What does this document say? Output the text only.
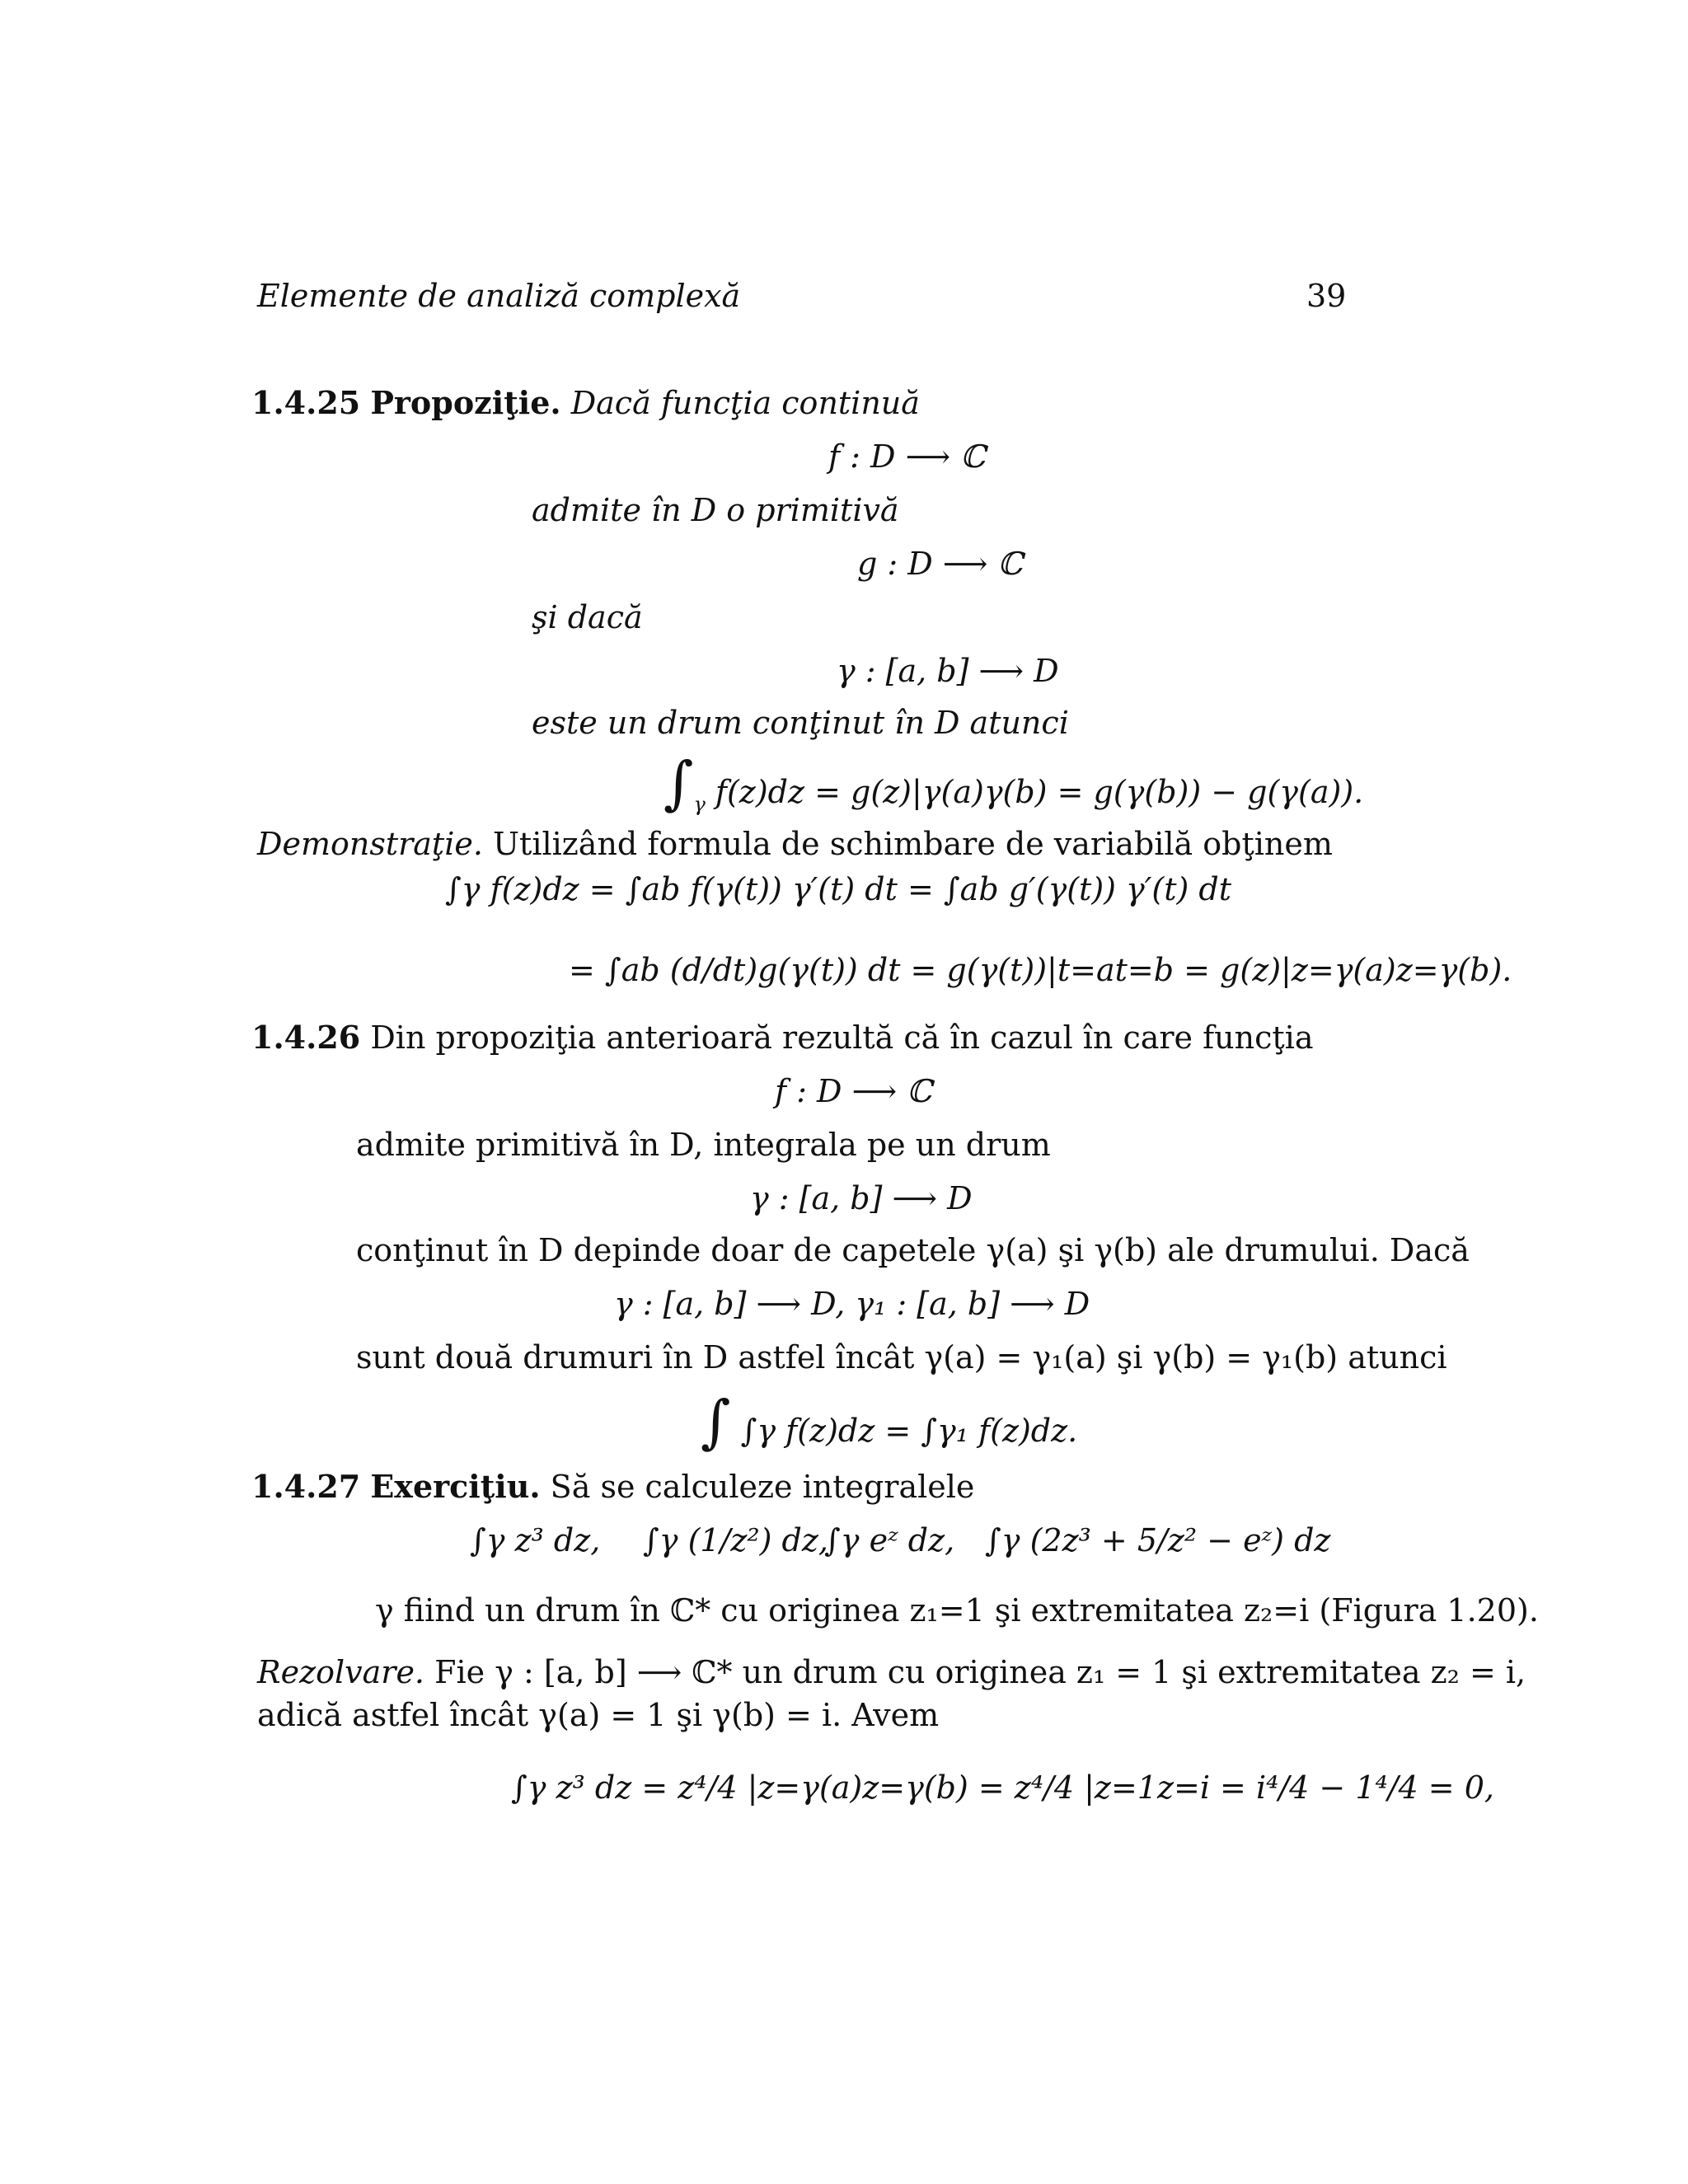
Elemente de analiză complexă	39
1.4.25 Propoziţie. Dacă funcţia continuă
f : D ⟶ ℂ
admite în D o primitivă
g : D ⟶ ℂ
şi dacă
γ : [a, b] ⟶ D
este un drum conţinut în D atunci
$\int_\gamma$ f(z)dz = g(z)|γ(a)γ(b) = g(γ(b)) − g(γ(a)).
Demonstraţie. Utilizând formula de schimbare de variabilă obţinem
∫γ f(z)dz = ∫ab f(γ(t)) γ′(t) dt = ∫ab g′(γ(t)) γ′(t) dt
= ∫ab (d/dt)g(γ(t)) dt = g(γ(t))|t=at=b = g(z)|z=γ(a)z=γ(b).
1.4.26 Din propoziţia anterioară rezultă că în cazul în care funcţia
f : D ⟶ ℂ
admite primitivă în D, integrala pe un drum
γ : [a, b] ⟶ D
conţinut în D depinde doar de capetele γ(a) şi γ(b) ale drumului. Dacă
γ : [a, b] ⟶ D, γ₁ : [a, b] ⟶ D
sunt două drumuri în D astfel încât γ(a) = γ₁(a) şi γ(b) = γ₁(b) atunci
∫ ∫γ f(z)dz = ∫γ₁ f(z)dz.
1.4.27 Exerciţiu. Să se calculeze integralele
∫γ z³ dz, ∫γ (1/z²) dz,
∫γ eᶻ dz, ∫γ (2z³ + 5/z² − eᶻ) dz
γ fiind un drum în ℂ* cu originea z₁=1 şi extremitatea z₂=i (Figura 1.20).
Rezolvare. Fie γ : [a, b] ⟶ ℂ* un drum cu originea z₁ = 1 şi extremitatea z₂ = i,
adică astfel încât γ(a) = 1 şi γ(b) = i. Avem
∫γ z³ dz = z⁴/4 |z=γ(a)z=γ(b) = z⁴/4 |z=1z=i = i⁴/4 − 1⁴/4 = 0,
